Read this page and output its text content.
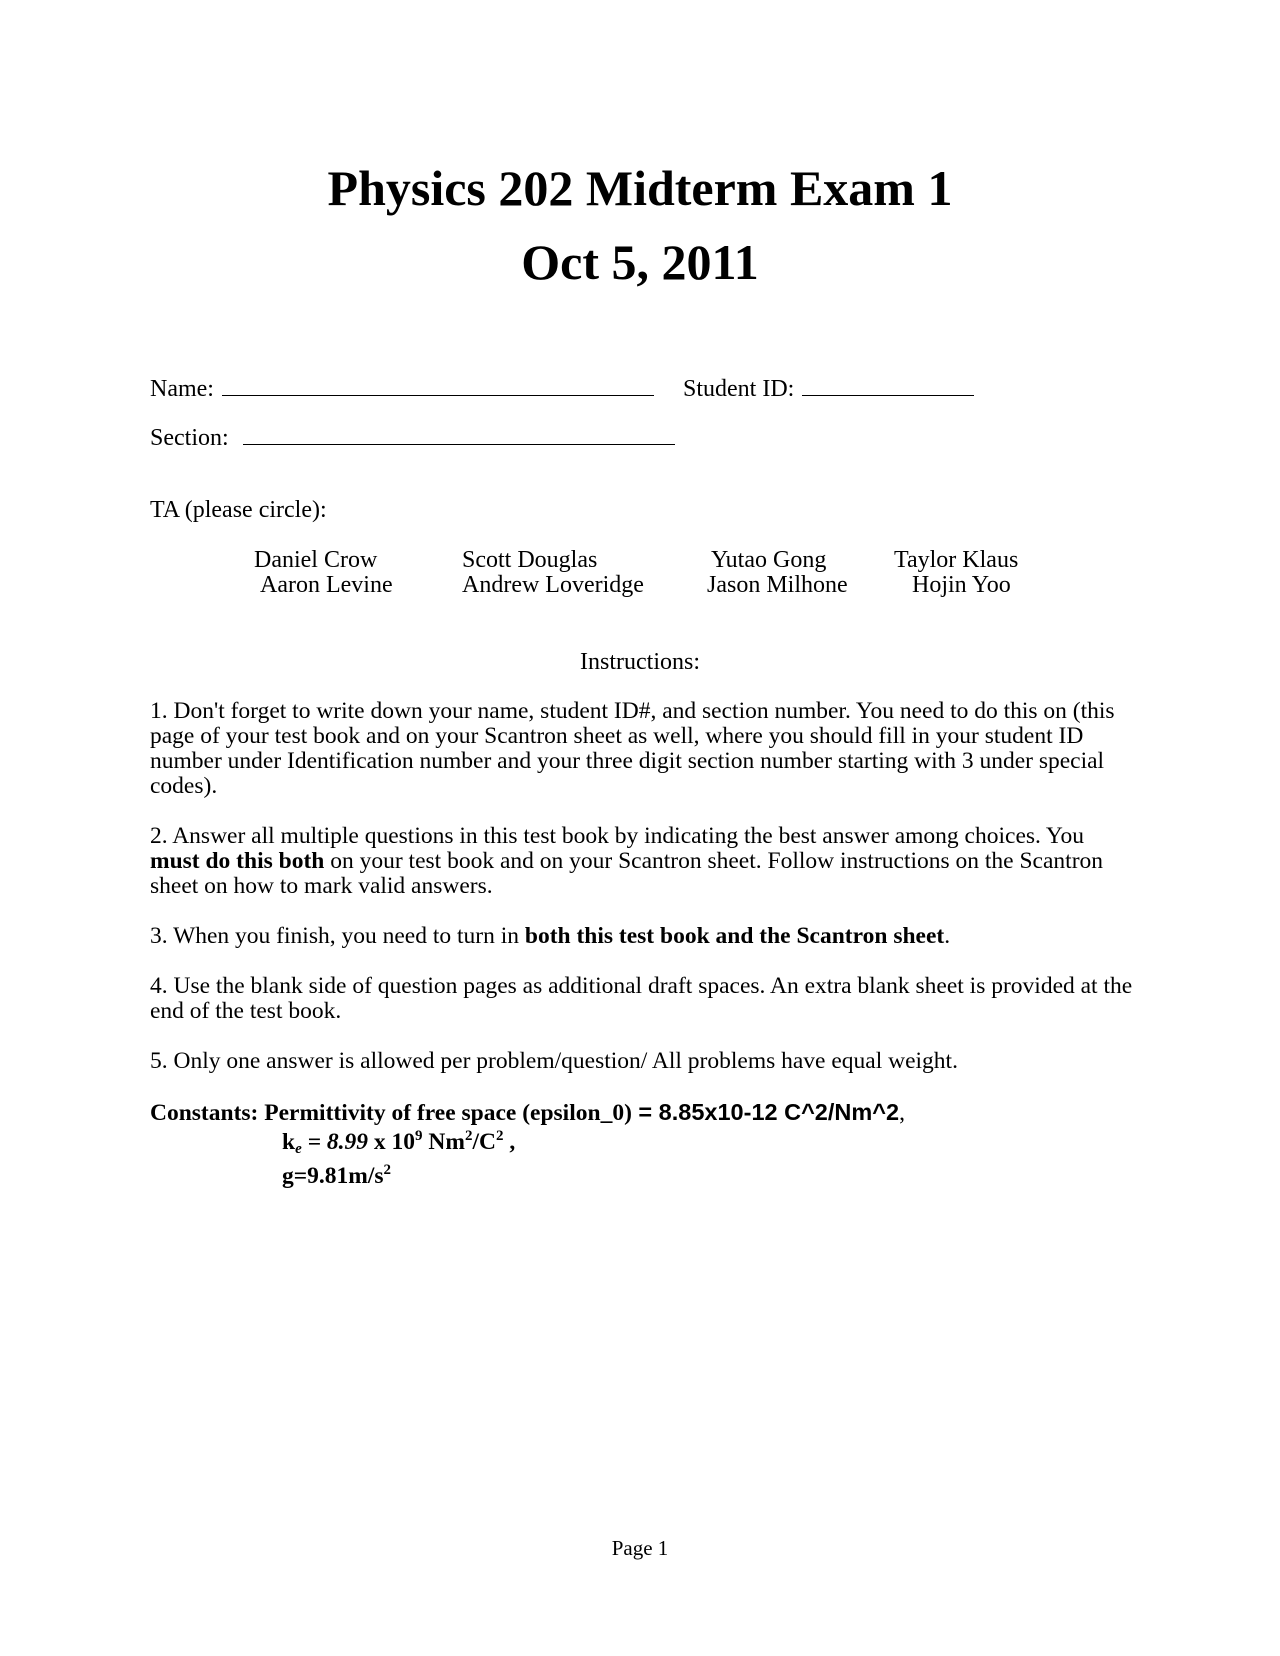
Physics 202 Midterm Exam 1
Oct 5, 2011
Name:	Student ID:
Section:
TA (please circle):
Daniel Crow	Scott Douglas	Yutao Gong	Taylor Klaus
Aaron Levine	Andrew Loveridge	Jason Milhone	Hojin Yoo
Instructions:

1. Don't forget to write down your name, student ID#, and section number. You need to do this on (this page of your test book and on your Scantron sheet as well, where you should fill in your student ID number under Identification number and your three digit section number starting with 3 under special codes).

2. Answer all multiple questions in this test book by indicating the best answer among choices. You must do this both on your test book and on your Scantron sheet. Follow instructions on the Scantron sheet on how to mark valid answers.

3. When you finish, you need to turn in both this test book and the Scantron sheet.

4. Use the blank side of question pages as additional draft spaces. An extra blank sheet is provided at the end of the test book.

5. Only one answer is allowed per problem/question/ All problems have equal weight.

Constants: Permittivity of free space (epsilon_0) = 8.85x10-12 C^2/Nm^2,
$k_e = 8.99$ x $10^9$ $Nm^2/C^2$ ,
$g=9.81m/s^2$
Page 1
